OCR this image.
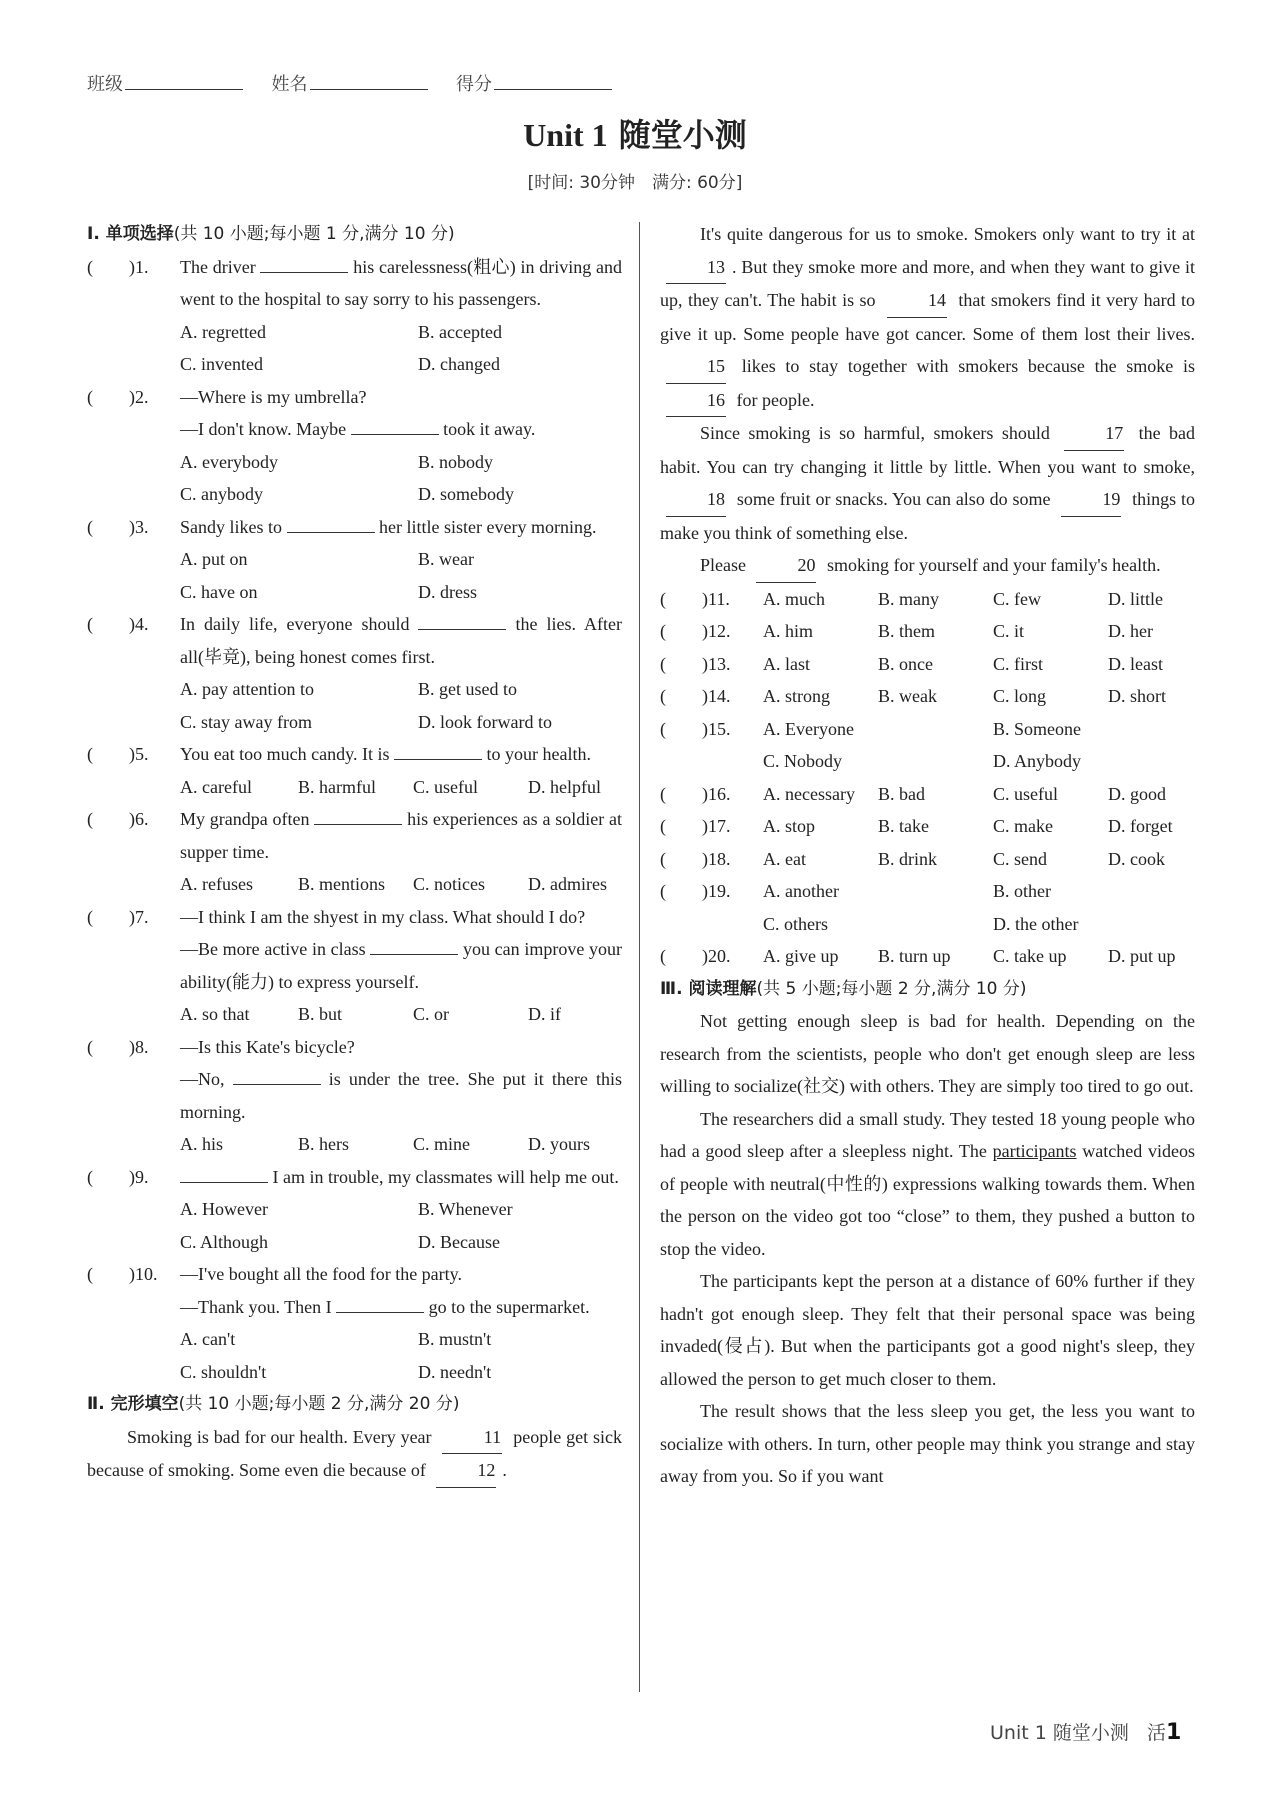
班级	姓名	得分
Unit 1 随堂小测
[时间: 30分钟　满分: 60分]
Ⅰ. 单项选择(共 10 小题;每小题 1 分,满分 10 分)
(　　)1.	The driver	his carelessness(粗心) in driving and went to the hospital to say sorry to his passengers.
A. regretted	B. accepted
C. invented	D. changed
(　　)2.	—Where is my umbrella?
—I don't know. Maybe	took it away.
A. everybody	B. nobody
C. anybody	D. somebody
(　　)3.	Sandy likes to	her little sister every morning.
A. put on	B. wear
C. have on	D. dress
(　　)4.	In daily life, everyone should	the lies. After all(毕竟), being honest comes first.
A. pay attention to	B. get used to
C. stay away from	D. look forward to
(　　)5.	You eat too much candy. It is	to your health.
A. careful	B. harmful	C. useful	D. helpful
(　　)6.	My grandpa often	his experiences as a soldier at supper time.
A. refuses	B. mentions	C. notices	D. admires
(　　)7.	—I think I am the shyest in my class. What should I do?
—Be more active in class	you can improve your ability(能力) to express yourself.
A. so that	B. but	C. or	D. if
(　　)8.	—Is this Kate's bicycle?
—No,	is under the tree. She put it there this morning.
A. his	B. hers	C. mine	D. yours
(　　)9.	I am in trouble, my classmates will help me out.
A. However	B. Whenever
C. Although	D. Because
(　　)10.	—I've bought all the food for the party.
—Thank you. Then I	go to the supermarket.
A. can't	B. mustn't
C. shouldn't	D. needn't
Ⅱ. 完形填空(共 10 小题;每小题 2 分,满分 20 分)

Smoking is bad for our health. Every year	11 people get sick because of smoking. Some even die because of	12 .

It's quite dangerous for us to smoke. Smokers only want to try it at 13 . But they smoke more and more, and when they want to give it up, they can't. The habit is so	14 that smokers find it very hard to give it up. Some people have got cancer. Some of them lost their lives. 15 likes to stay together with smokers because the smoke is 16 for people.

Since smoking is so harmful, smokers should	17 the bad habit. You can try changing it little by little. When you want to smoke, 18 some fruit or snacks. You can also do some	19 things to make you think of something else.

Please	20 smoking for yourself and your family's health.

(　　)11.	A. much	B. many	C. few	D. little
(　　)12.	A. him	B. them	C. it	D. her
(　　)13.	A. last	B. once	C. first	D. least
(　　)14.	A. strong	B. weak	C. long	D. short
(　　)15.	A. Everyone	B. Someone
C. Nobody	D. Anybody
(　　)16.	A. necessary	B. bad	C. useful	D. good
(　　)17.	A. stop	B. take	C. make	D. forget
(　　)18.	A. eat	B. drink	C. send	D. cook
(　　)19.	A. another	B. other
C. others	D. the other
(　　)20.	A. give up	B. turn up	C. take up	D. put up
Ⅲ. 阅读理解(共 5 小题;每小题 2 分,满分 10 分)

Not getting enough sleep is bad for health. Depending on the research from the scientists, people who don't get enough sleep are less willing to socialize(社交) with others. They are simply too tired to go out.

The researchers did a small study. They tested 18 young people who had a good sleep after a sleepless night. The participants watched videos of people with neutral(中性的) expressions walking towards them. When the person on the video got too “close” to them, they pushed a button to stop the video.

The participants kept the person at a distance of 60% further if they hadn't got enough sleep. They felt that their personal space was being invaded(侵占). But when the participants got a good night's sleep, they allowed the person to get much closer to them.

The result shows that the less sleep you get, the less you want to socialize with others. In turn, other people may think you strange and stay away from you. So if you want

Unit 1 随堂小测 活1
